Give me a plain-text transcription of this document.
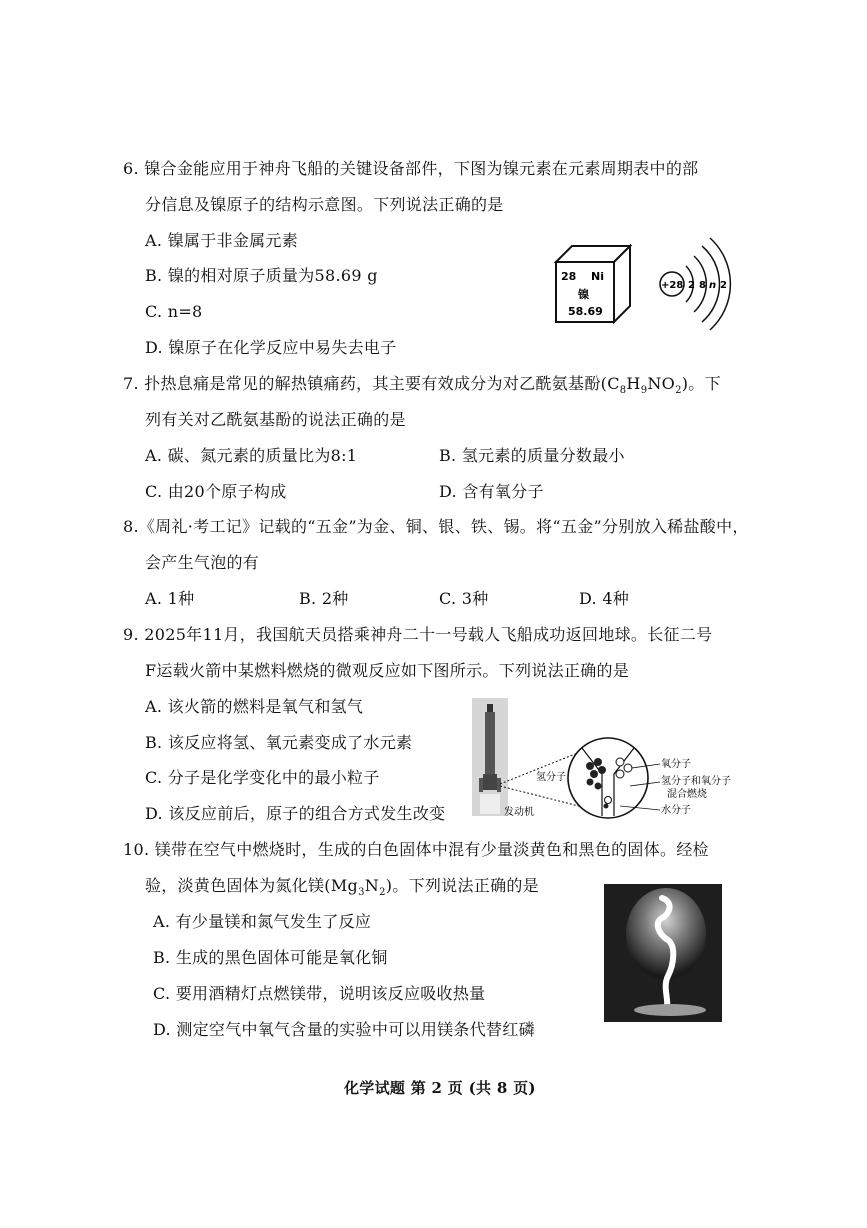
6. 镍合金能应用于神舟飞船的关键设备部件，下图为镍元素在元素周期表中的部
分信息及镍原子的结构示意图。下列说法正确的是
A. 镍属于非金属元素
B. 镍的相对原子质量为58.69 g
C. n=8
D. 镍原子在化学反应中易失去电子
28 Ni
镍
58.69
+28 2 8 n 2
7. 扑热息痛是常见的解热镇痛药，其主要有效成分为对乙酰氨基酚$(C_8H_9NO_2)$。下
列有关对乙酰氨基酚的说法正确的是
A. 碳、氮元素的质量比为8:1	B. 氢元素的质量分数最小
C. 由20个原子构成	D. 含有氧分子
8.《周礼·考工记》记载的“五金”为金、铜、银、铁、锡。将“五金”分别放入稀盐酸中，
会产生气泡的有
A. 1种	B. 2种	C. 3种	D. 4种
9. 2025年11月，我国航天员搭乘神舟二十一号载人飞船成功返回地球。长征二号
F运载火箭中某燃料燃烧的微观反应如下图所示。下列说法正确的是
A. 该火箭的燃料是氧气和氢气
B. 该反应将氢、氧元素变成了水元素
C. 分子是化学变化中的最小粒子
D. 该反应前后，原子的组合方式发生改变
氢分子
发动机
氧分子
氢分子和氧分子
混合燃烧
水分子
10. 镁带在空气中燃烧时，生成的白色固体中混有少量淡黄色和黑色的固体。经检
验，淡黄色固体为氮化镁$(Mg_3N_2)$。下列说法正确的是
A. 有少量镁和氮气发生了反应
B. 生成的黑色固体可能是氧化铜
C. 要用酒精灯点燃镁带，说明该反应吸收热量
D. 测定空气中氧气含量的实验中可以用镁条代替红磷
化学试题 第 2 页 (共 8 页)
